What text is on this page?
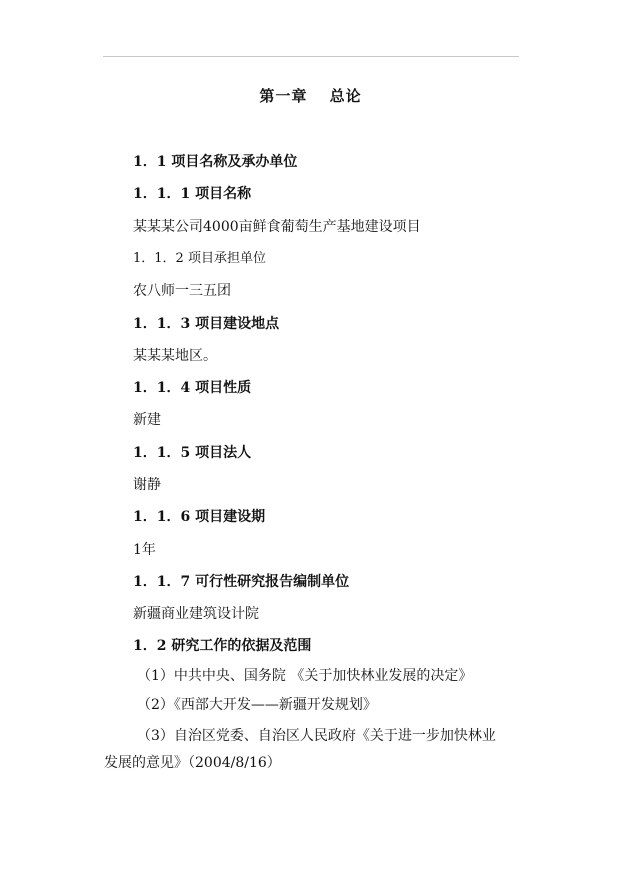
第一章　 总论
1．1 项目名称及承办单位
1．1．1 项目名称
某某某公司4000亩鲜食葡萄生产基地建设项目
1．1．2 项目承担单位
农八师一三五团
1．1．3 项目建设地点
某某某地区。
1．1．4 项目性质
新建
1．1．5 项目法人
谢静
1．1．6 项目建设期
1年
1．1．7 可行性研究报告编制单位
新疆商业建筑设计院
1．2 研究工作的依据及范围
（1）中共中央、国务院 《关于加快林业发展的决定》
（2）《西部大开发——新疆开发规划》
（3）自治区党委、自治区人民政府《关于进一步加快林业
发展的意见》（2004/8/16）
